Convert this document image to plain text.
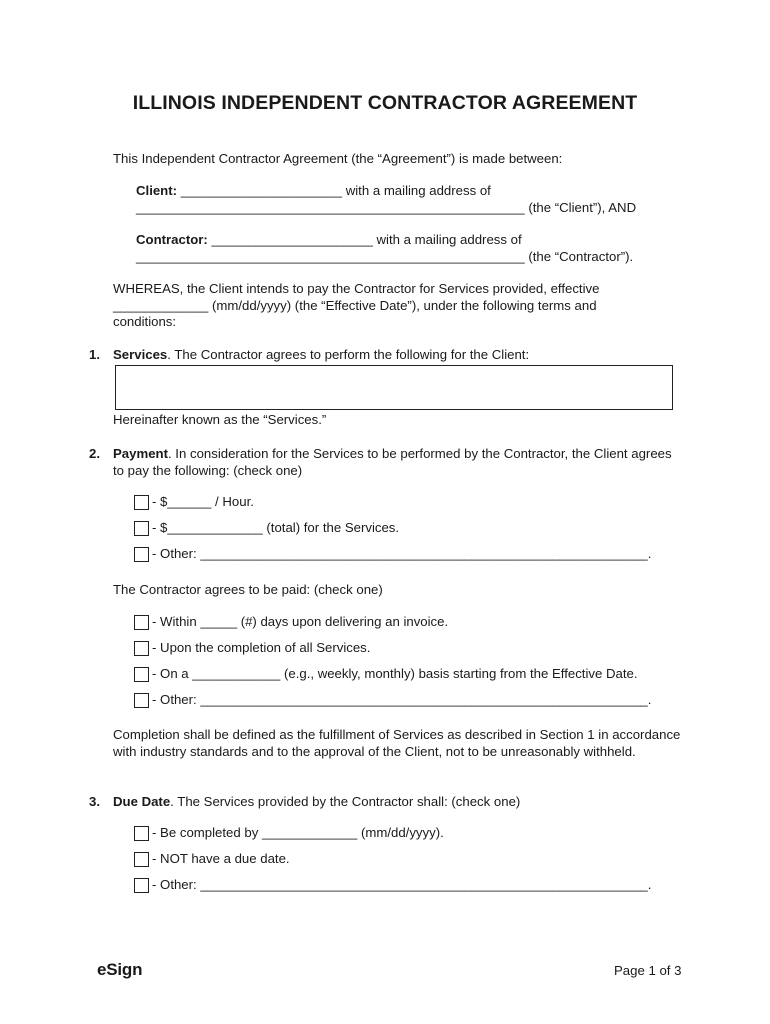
ILLINOIS INDEPENDENT CONTRACTOR AGREEMENT
This Independent Contractor Agreement (the “Agreement”) is made between:
Client: ______________________ with a mailing address of
_____________________________________________________ (the “Client”), AND
Contractor: ______________________ with a mailing address of
_____________________________________________________ (the “Contractor”).
WHEREAS, the Client intends to pay the Contractor for Services provided, effective _____________ (mm/dd/yyyy) (the “Effective Date”), under the following terms and conditions:
1. Services. The Contractor agrees to perform the following for the Client:
Hereinafter known as the “Services.”
2. Payment. In consideration for the Services to be performed by the Contractor, the Client agrees to pay the following: (check one)
- $______ / Hour.
- $_____________ (total) for the Services.
- Other: _____________________________________________________________.
The Contractor agrees to be paid: (check one)
- Within _____ (#) days upon delivering an invoice.
- Upon the completion of all Services.
- On a ____________ (e.g., weekly, monthly) basis starting from the Effective Date.
- Other: _____________________________________________________________.
Completion shall be defined as the fulfillment of Services as described in Section 1 in accordance with industry standards and to the approval of the Client, not to be unreasonably withheld.
3. Due Date. The Services provided by the Contractor shall: (check one)
- Be completed by _____________ (mm/dd/yyyy).
- NOT have a due date.
- Other: _____________________________________________________________.
eSign	Page 1 of 3
